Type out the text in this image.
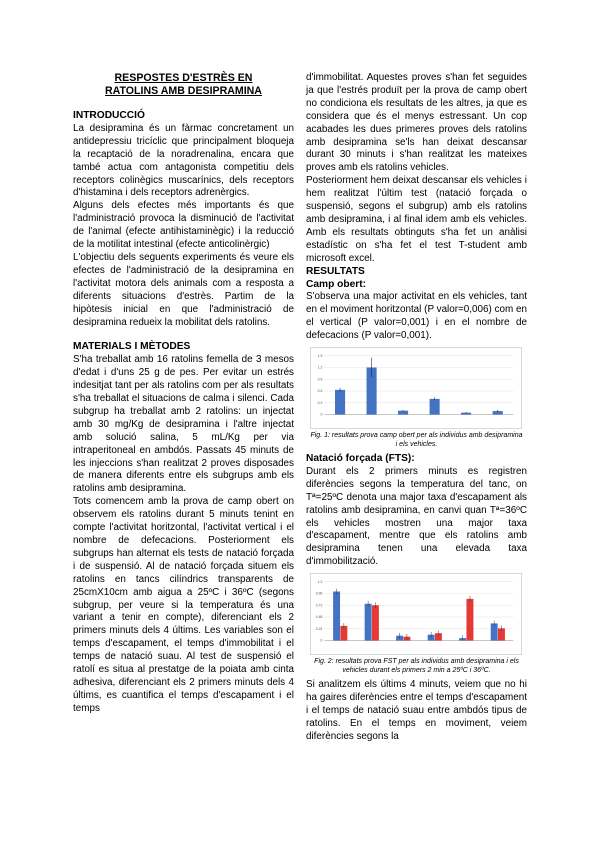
RESPOSTES D'ESTRÈS EN
RATOLINS AMB DESIPRAMINA

INTRODUCCIÓ

La desipramina és un fàrmac concretament un antidepressiu tricíclic que principalment bloqueja la recaptació de la noradrenalina, encara que també actua com antagonista competitiu dels receptors colinègics muscarínics, dels receptors d'histamina i dels receptors adrenèrgics.

Alguns dels efectes més importants és que l'administració provoca la disminució de l'activitat de l'animal (efecte antihistaminègic) i la reducció de la motilitat intestinal (efecte anticolinèrgic)

L'objectiu dels seguents experiments és veure els efectes de l'administració de la desipramina en l'activitat motora dels animals com a resposta a diferents situacions d'estrès. Partim de la hipòtesis inicial en que l'administració de desipramina redueix la mobilitat dels ratolins.

MATERIALS I MÈTODES

S'ha treballat amb 16 ratolins femella de 3 mesos d'edat i d'uns 25 g de pes. Per evitar un estrés indesitjat tant per als ratolins com per als resultats s'ha treballat el situacions de calma i silenci. Cada subgrup ha treballat amb 2 ratolins: un injectat amb 30 mg/Kg de desipramina i l'altre injectat amb solució salina, 5 mL/Kg per via intraperitoneal en ambdós. Passats 45 minuts de les injeccions s'han realitzat 2 proves disposades de manera diferents entre els subgrups amb els ratolins amb desipramina.

Tots comencem amb la prova de camp obert on observem els ratolins durant 5 minuts tenint en compte l'activitat horitzontal, l'activitat vertical i el nombre de defecacions. Posteriorment els subgrups han alternat els tests de natació forçada i de suspensió. Al de natació forçada situem els ratolins en tancs cilíndrics transparents de 25cmX10cm amb aigua a 25ºC i 36ºC (segons subgrup, per veure si la temperatura és una variant a tenir en compte), diferenciant els 2 primers minuts dels 4 últims. Les variables son el temps d'escapament, el temps d'immobilitat i el temps de natació suau. Al test de suspensió el ratolí es situa al prestatge de la poiata amb cinta adhesiva, diferenciant els 2 primers minuts dels 4 últims, es cuantifica el temps d'escapament i el temps

d'immobilitat. Aquestes proves s'han fet seguides ja que l'estrés produït per la prova de camp obert no condiciona els resultats de les altres, ja que es considera que és el menys estressant. Un cop acabades les dues primeres proves dels ratolins amb desipramina se'ls han deixat descansar durant 30 minuts i s'han realitzat les mateixes proves amb els ratolins vehicles.

Posteriorment hem deixat descansar els vehicles i hem realitzat l'últim test (natació forçada o suspensió, segons el subgrup) amb els ratolins amb desipramina, i al final idem amb els vehicles. Amb els resultats obtinguts s'ha fet un anàlisi estadístic on s'ha fet el test T-student amb microsoft excel.

RESULTATS

Camp obert:

S'observa una major activitat en els vehicles, tant en el moviment horitzontal (P valor=0,006) com en el vertical (P valor=0,001) i en el nombre de defecacions (P valor=0,001).

0
0.3
0.6
0.9
1.2
1.5

Fig. 1: resultats prova camp obert per als individus amb desipramina i els vehicles.

Natació forçada (FTS):

Durant els 2 primers minuts es registren diferències segons la temperatura del tanc, on Tª=25ºC denota una major taxa d'escapament als ratolins amb desipramina, en canvi quan Tª=36ºC els vehicles mostren una major taxa d'escapament, mentre que els ratolins amb desipramina tenen una elevada taxa d'immobilització.

0
0.24
0.48
0.72
0.96
1.2

Fig. 2: resultats prova FST per als individus amb desipramina i els vehicles durant els primers 2 min a 25ºC i 36ºC.

Si analitzem els últims 4 minuts, veiem que no hi ha gaires diferències entre el temps d'escapament i el temps de natació suau entre ambdós tipus de ratolins. En el temps en moviment, veiem diferències segons la
